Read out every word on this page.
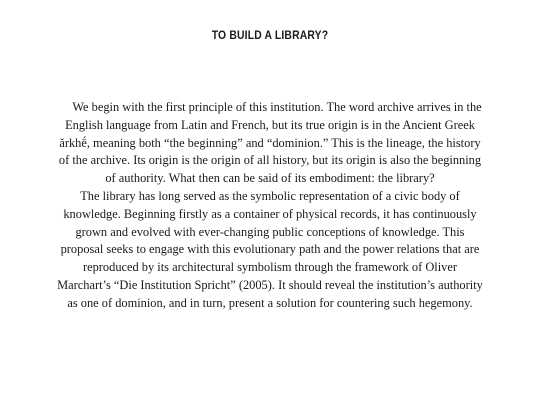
TO BUILD A LIBRARY?

We begin with the first principle of this institution. The word archive arrives in the English language from Latin and French, but its true origin is in the Ancient Greek ărkhḗ, meaning both “the beginning” and “dominion.” This is the lineage, the history of the archive. Its origin is the origin of all history, but its origin is also the beginning of authority. What then can be said of its embodiment: the library?

The library has long served as the symbolic representation of a civic body of knowledge. Beginning firstly as a container of physical records, it has continuously grown and evolved with ever-changing public conceptions of knowledge. This proposal seeks to engage with this evolutionary path and the power relations that are reproduced by its architectural symbolism through the framework of Oliver Marchart’s “Die Institution Spricht” (2005). It should reveal the institution’s authority as one of dominion, and in turn, present a solution for countering such hegemony.
